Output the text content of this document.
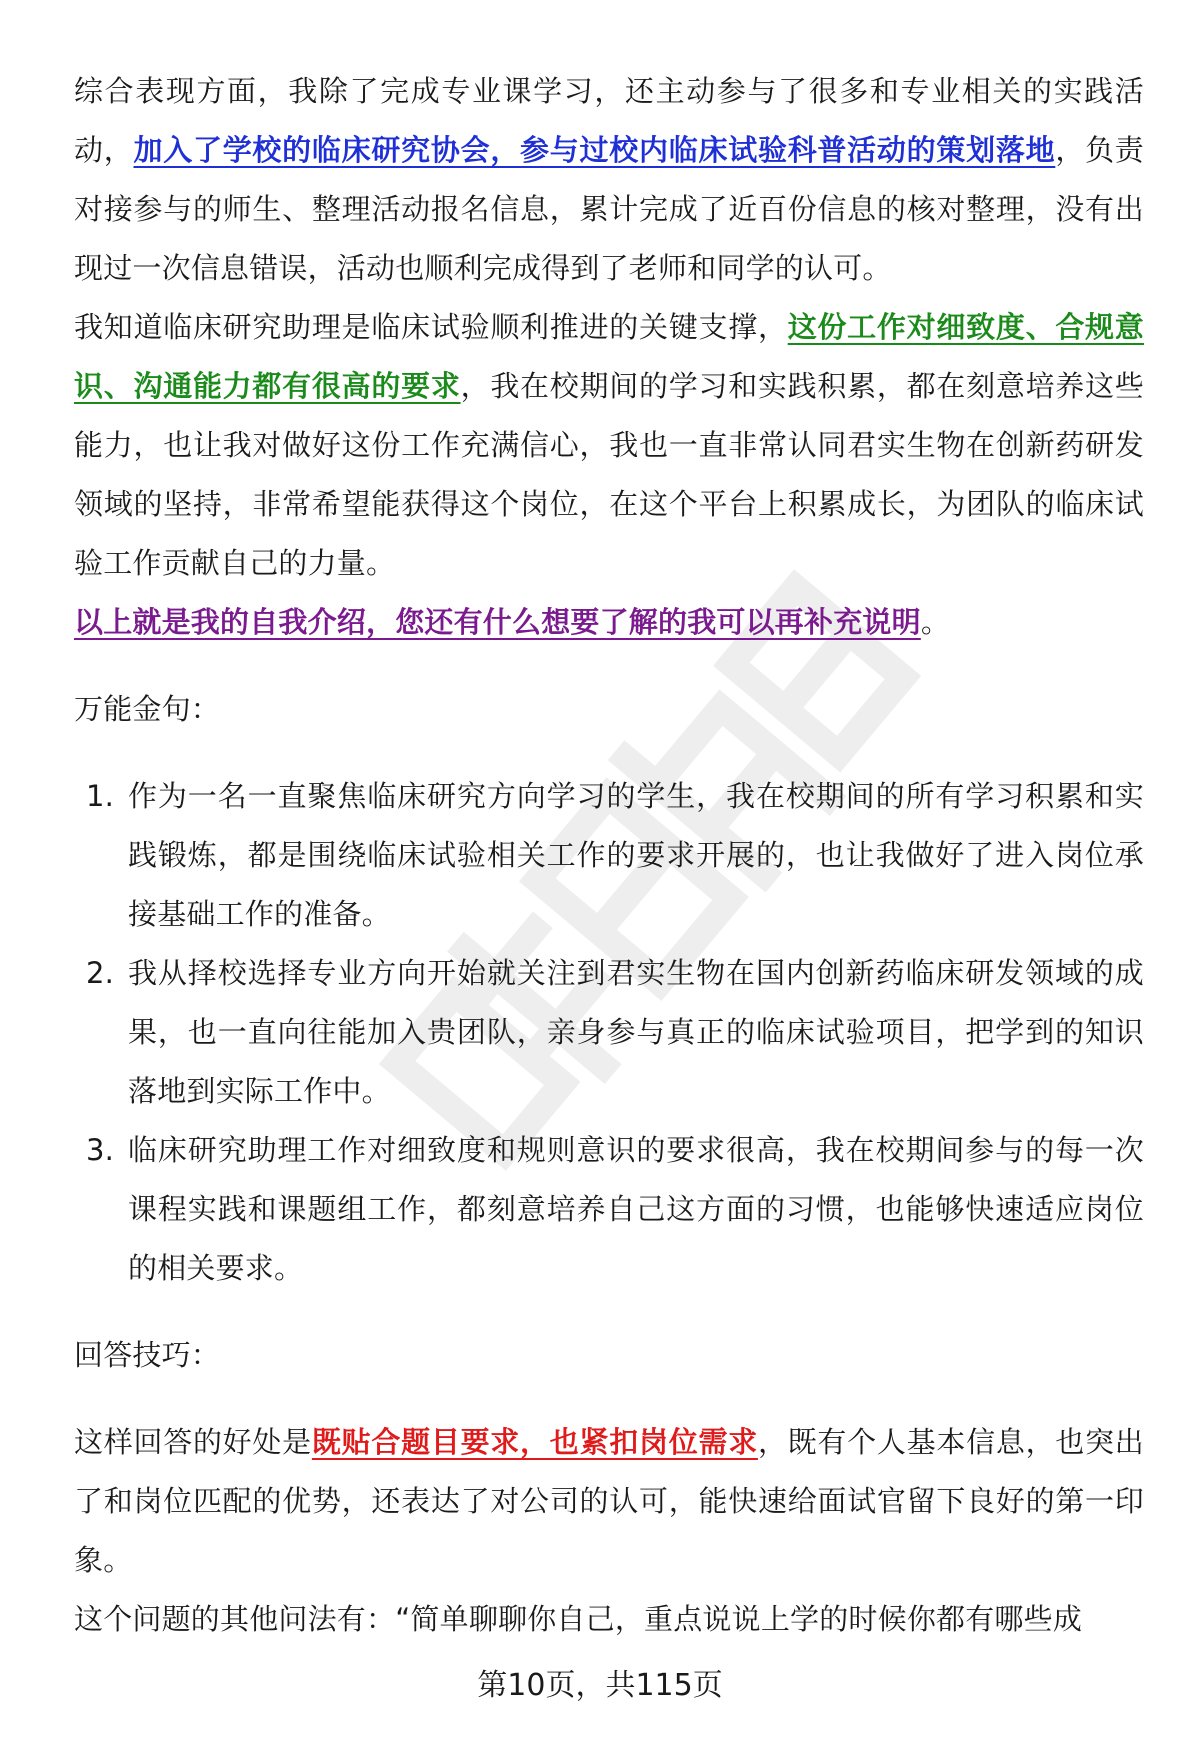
综合表现方面，我除了完成专业课学习，还主动参与了很多和专业相关的实践活动，加入了学校的临床研究协会，参与过校内临床试验科普活动的策划落地，负责对接参与的师生、整理活动报名信息，累计完成了近百份信息的核对整理，没有出现过一次信息错误，活动也顺利完成得到了老师和同学的认可。

我知道临床研究助理是临床试验顺利推进的关键支撑，这份工作对细致度、合规意识、沟通能力都有很高的要求，我在校期间的学习和实践积累，都在刻意培养这些能力，也让我对做好这份工作充满信心，我也一直非常认同君实生物在创新药研发领域的坚持，非常希望能获得这个岗位，在这个平台上积累成长，为团队的临床试验工作贡献自己的力量。

以上就是我的自我介绍，您还有什么想要了解的我可以再补充说明。

万能金句：

1. 作为一名一直聚焦临床研究方向学习的学生，我在校期间的所有学习积累和实践锻炼，都是围绕临床试验相关工作的要求开展的，也让我做好了进入岗位承接基础工作的准备。
2. 我从择校选择专业方向开始就关注到君实生物在国内创新药临床研发领域的成果，也一直向往能加入贵团队，亲身参与真正的临床试验项目，把学到的知识落地到实际工作中。
3. 临床研究助理工作对细致度和规则意识的要求很高，我在校期间参与的每一次课程实践和课题组工作，都刻意培养自己这方面的习惯，也能够快速适应岗位的相关要求。

回答技巧：

这样回答的好处是既贴合题目要求，也紧扣岗位需求，既有个人基本信息，也突出了和岗位匹配的优势，还表达了对公司的认可，能快速给面试官留下良好的第一印象。

这个问题的其他问法有：“简单聊聊你自己，重点说说上学的时候你都有哪些成

第10页，共115页
